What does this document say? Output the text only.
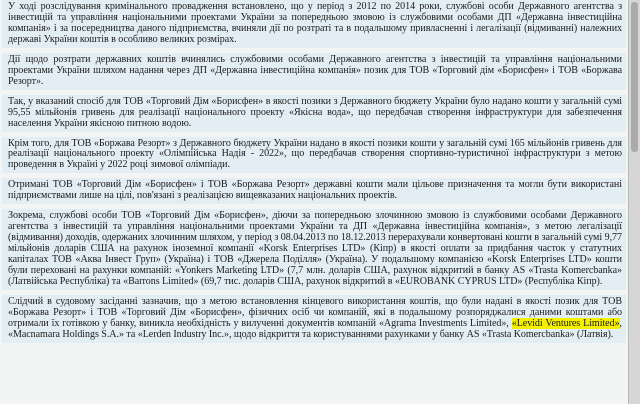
У ході розслідування кримінального провадження встановлено, що у період з 2012 по 2014 роки, службові особи Державного агентства з інвестицій та управління національними проектами України за попередньою змовою із службовими особами ДП «Державна інвестиційна компанія» і за посередництва даного підприємства, вчиняли дії по розтраті та в подальшому привласненні і легалізації (відмиванні) належних державі України коштів в особливо великих розмірах.

Дії щодо розтрати державних коштів вчинялись службовими особами Державного агентства з інвестицій та управління національними проектами України шляхом надання через ДП «Державна інвестиційна компанія» позик для ТОВ «Торговий дім «Борисфен» і ТОВ «Боржава Резорт».

Так, у вказаний спосіб для ТОВ «Торговий Дім «Борисфен» в якості позики з Державного бюджету України було надано кошти у загальній сумі 95,55 мільйонів гривень для реалізації національного проекту «Якісна вода», що передбачав створення інфраструктури для забезпечення населення України якісною питною водою.

Крім того, для ТОВ «Боржава Резорт» з Державного бюджету України надано в якості позики кошти у загальній сумі 165 мільйонів гривень для реалізації національного проекту «Олімпійська Надія - 2022», що передбачав створення спортивно-туристичної інфраструктури з метою проведення в Україні у 2022 році зимової олімпіади.

Отримані ТОВ «Торговий Дім «Борисфен» і ТОВ «Боржава Резорт» державні кошти мали цільове призначення та могли бути використані підприємствами лише на цілі, пов'язані з реалізацією вищевказаних національних проектів.

Зокрема, службові особи ТОВ «Торговий Дім «Борисфен», діючи за попередньою злочинною змовою із службовими особами Державного агентства з інвестицій та управління національними проектами України та ДП «Державна інвестиційна компанія», з метою легалізації (відмивання) доходів, одержаних злочинним шляхом, у період з 08.04.2013 по 18.12.2013 перерахували конвертовані кошти в загальній сумі 9,77 мільйонів доларів США на рахунок іноземної компанії «Korsk Enterprises LTD» (Кіпр) в якості оплати за придбання часток у статутних капіталах ТОВ «Аква Інвест Груп» (Україна) і ТОВ «Джерела Поділля» (Україна). У подальшому компанією «Korsk Enterprises LTD» кошти були переховані на рахунки компаній: «Yonkers Marketing LTD» (7,7 млн. доларів США, рахунок відкритий в банку AS «Trasta Komercbanka» (Латвійська Республіка) та «Barrons Limited» (69,7 тис. доларів США, рахунок відкритий в «EUROBANK CYPRUS LTD» (Республіка Кіпр).

Слідчий в судовому засіданні зазначив, що з метою встановлення кінцевого використання коштів, що були надані в якості позик для ТОВ «Боржава Резорт» і ТОВ «Торговий Дім «Борисфен», фізичних осіб чи компаній, які в подальшому розпоряджалися даними коштами або отримали їх готівкою у банку, виникла необхідність у вилученні документів компаній «Agrama Investments Limited», «Levidi Ventures Limited», «Macnamara Holdings S.A.» та «Lerden Industry Inc.», щодо відкриття та користуваннями рахунками у банку AS «Trasta Komercbanka» (Латвія).
